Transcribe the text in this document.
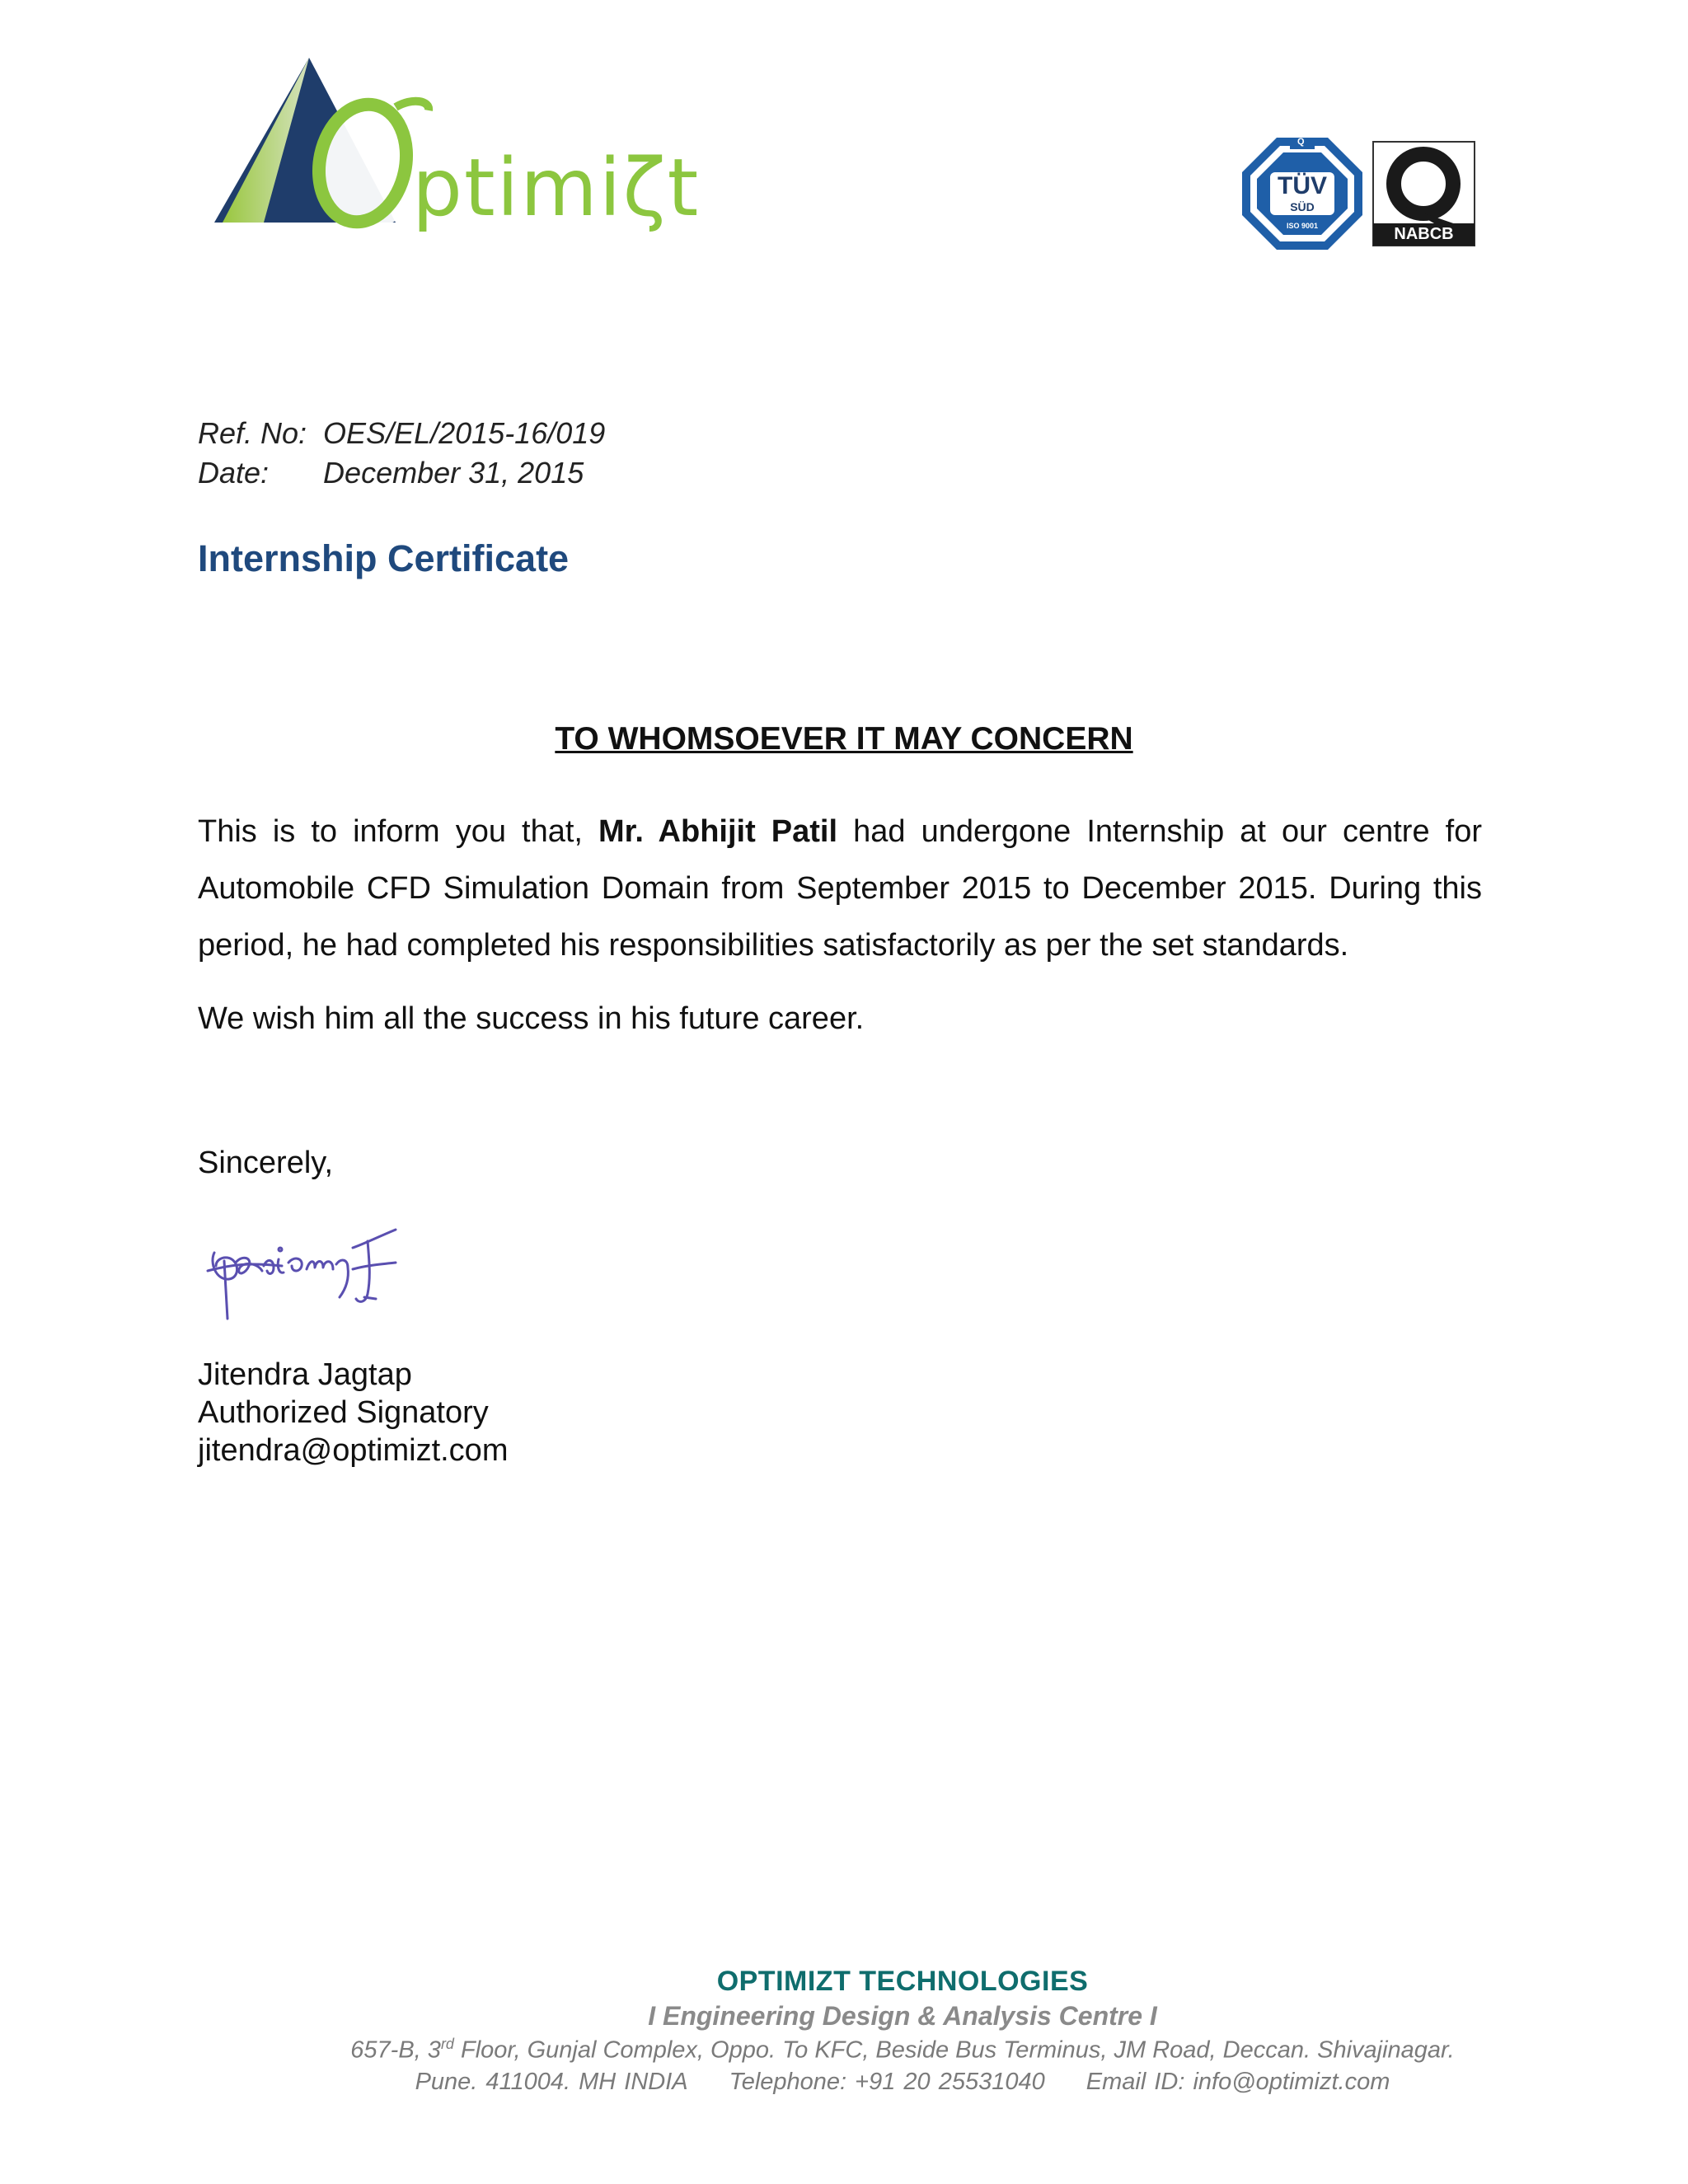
ptimiζt	Q
TÜV
SÜD
ISO 9001	NABCB
Ref. No: OES/EL/2015-16/019
Date: December 31, 2015
Internship Certificate
TO WHOMSOEVER IT MAY CONCERN
This is to inform you that, Mr. Abhijit Patil had undergone Internship at our centre for Automobile CFD Simulation Domain from September 2015 to December 2015. During this period, he had completed his responsibilities satisfactorily as per the set standards.
We wish him all the success in his future career.
Sincerely,
Jitendra Jagtap
Authorized Signatory
jitendra@optimizt.com
OPTIMIZT TECHNOLOGIES
I Engineering Design & Analysis Centre I
657-B, 3rd Floor, Gunjal Complex, Oppo. To KFC, Beside Bus Terminus, JM Road, Deccan. Shivajinagar.
Pune. 411004. MH INDIA Telephone: +91 20 25531040 Email ID: info@optimizt.com
